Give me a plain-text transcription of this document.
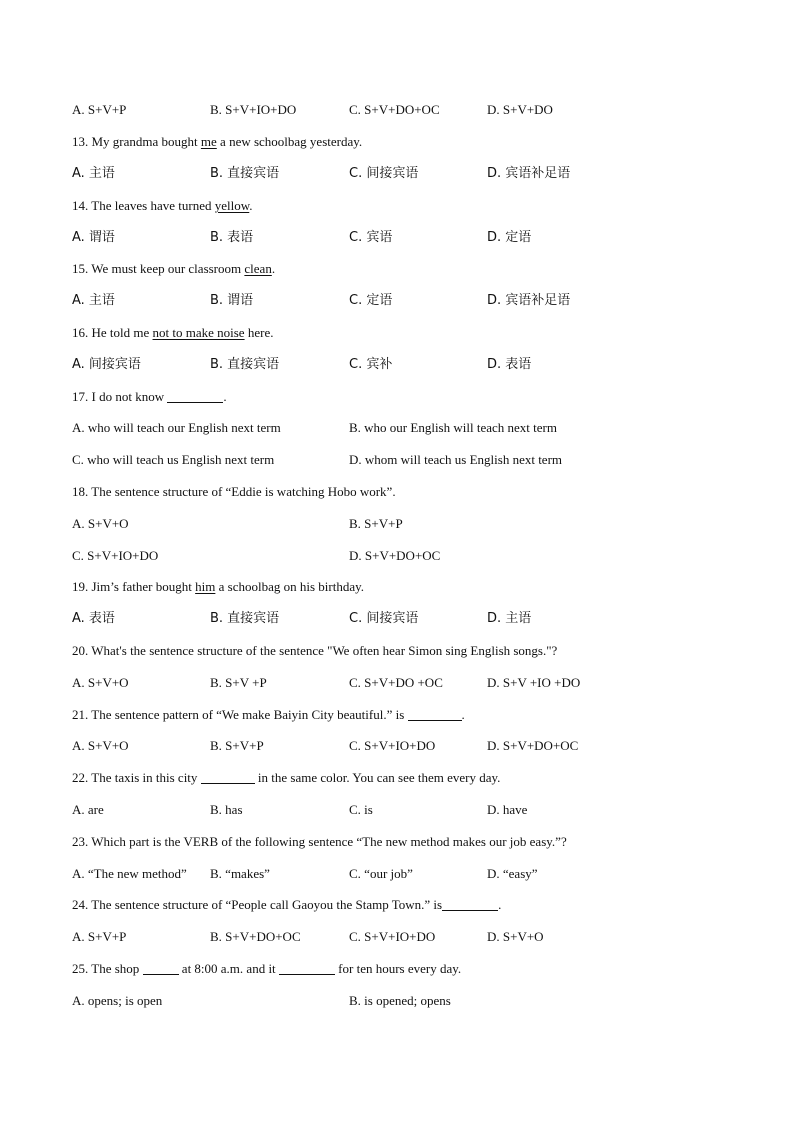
A. S+V+P	B. S+V+IO+DO	C. S+V+DO+OC	D. S+V+DO
13. My grandma bought me a new schoolbag yesterday.
A. 主语	B. 直接宾语	C. 间接宾语	D. 宾语补足语
14. The leaves have turned yellow.
A. 谓语	B. 表语	C. 宾语	D. 定语
15. We must keep our classroom clean.
A. 主语	B. 谓语	C. 定语	D. 宾语补足语
16. He told me not to make noise here.
A. 间接宾语	B. 直接宾语	C. 宾补	D. 表语
17. I do not know	.
A. who will teach our English next term	B. who our English will teach next term
C. who will teach us English next term	D. whom will teach us English next term
18. The sentence structure of “Eddie is watching Hobo work”.
A. S+V+O	B. S+V+P
C. S+V+IO+DO	D. S+V+DO+OC
19. Jim’s father bought him a schoolbag on his birthday.
A. 表语	B. 直接宾语	C. 间接宾语	D. 主语
20. What's the sentence structure of the sentence "We often hear Simon sing English songs."?
A. S+V+O	B. S+V +P	C. S+V+DO +OC	D. S+V +IO +DO
21. The sentence pattern of “We make Baiyin City beautiful.” is	.
A. S+V+O	B. S+V+P	C. S+V+IO+DO	D. S+V+DO+OC
22. The taxis in this city	in the same color. You can see them every day.
A. are	B. has	C. is	D. have
23. Which part is the VERB of the following sentence “The new method makes our job easy.”?
A. “The new method” B. “makes”	C. “our job”	D. “easy”
24. The sentence structure of “People call Gaoyou the Stamp Town.” is	.
A. S+V+P	B. S+V+DO+OC	C. S+V+IO+DO	D. S+V+O
25. The shop	at 8:00 a.m. and it	for ten hours every day.
A. opens; is open	B. is opened; opens
